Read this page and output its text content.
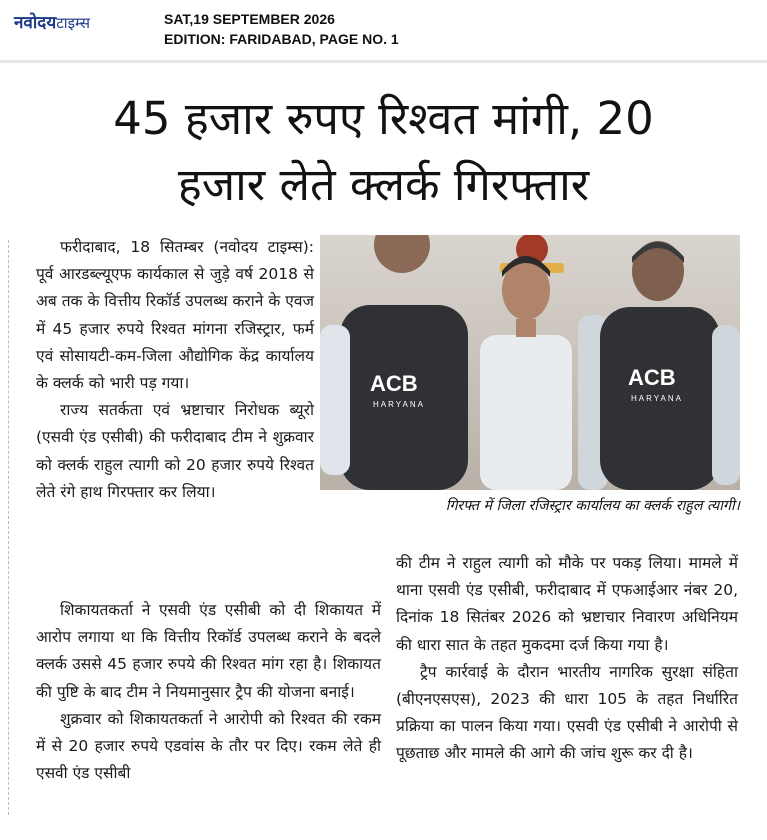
नवोदयटाइम्स	SAT,19 SEPTEMBER 2026
EDITION: FARIDABAD, PAGE NO. 1
45 हजार रुपए रिश्वत मांगी, 20
हजार लेते क्लर्क गिरफ्तार

फरीदाबाद, 18 सितम्बर (नवोदय टाइम्स): पूर्व आरडब्ल्यूएफ कार्यकाल से जुड़े वर्ष 2018 से अब तक के वित्तीय रिकॉर्ड उपलब्ध कराने के एवज में 45 हजार रुपये रिश्वत मांगना रजिस्ट्रार, फर्म एवं सोसायटी-कम-जिला औद्योगिक केंद्र कार्यालय के क्लर्क को भारी पड़ गया।

राज्य सतर्कता एवं भ्रष्टाचार निरोधक ब्यूरो (एसवी एंड एसीबी) की फरीदाबाद टीम ने शुक्रवार को क्लर्क राहुल त्यागी को 20 हजार रुपये रिश्वत लेते रंगे हाथ गिरफ्तार कर लिया।

शिकायतकर्ता ने एसवी एंड एसीबी को दी शिकायत में आरोप लगाया था कि वित्तीय रिकॉर्ड उपलब्ध कराने के बदले क्लर्क उससे 45 हजार रुपये की रिश्वत मांग रहा है। शिकायत की पुष्टि के बाद टीम ने नियमानुसार ट्रैप की योजना बनाई।

शुक्रवार को शिकायतकर्ता ने आरोपी को रिश्वत की रकम में से 20 हजार रुपये एडवांस के तौर पर दिए। रकम लेते ही एसवी एंड एसीबी

ACB
HARYANA
ACB
HARYANA
गिरफ्त में जिला रजिस्ट्रार कार्यालय का क्लर्क राहुल त्यागी।

की टीम ने राहुल त्यागी को मौके पर पकड़ लिया। मामले में थाना एसवी एंड एसीबी, फरीदाबाद में एफआईआर नंबर 20, दिनांक 18 सितंबर 2026 को भ्रष्टाचार निवारण अधिनियम की धारा सात के तहत मुकदमा दर्ज किया गया है।

ट्रैप कार्रवाई के दौरान भारतीय नागरिक सुरक्षा संहिता (बीएनएसएस), 2023 की धारा 105 के तहत निर्धारित प्रक्रिया का पालन किया गया। एसवी एंड एसीबी ने आरोपी से पूछताछ और मामले की आगे की जांच शुरू कर दी है।
